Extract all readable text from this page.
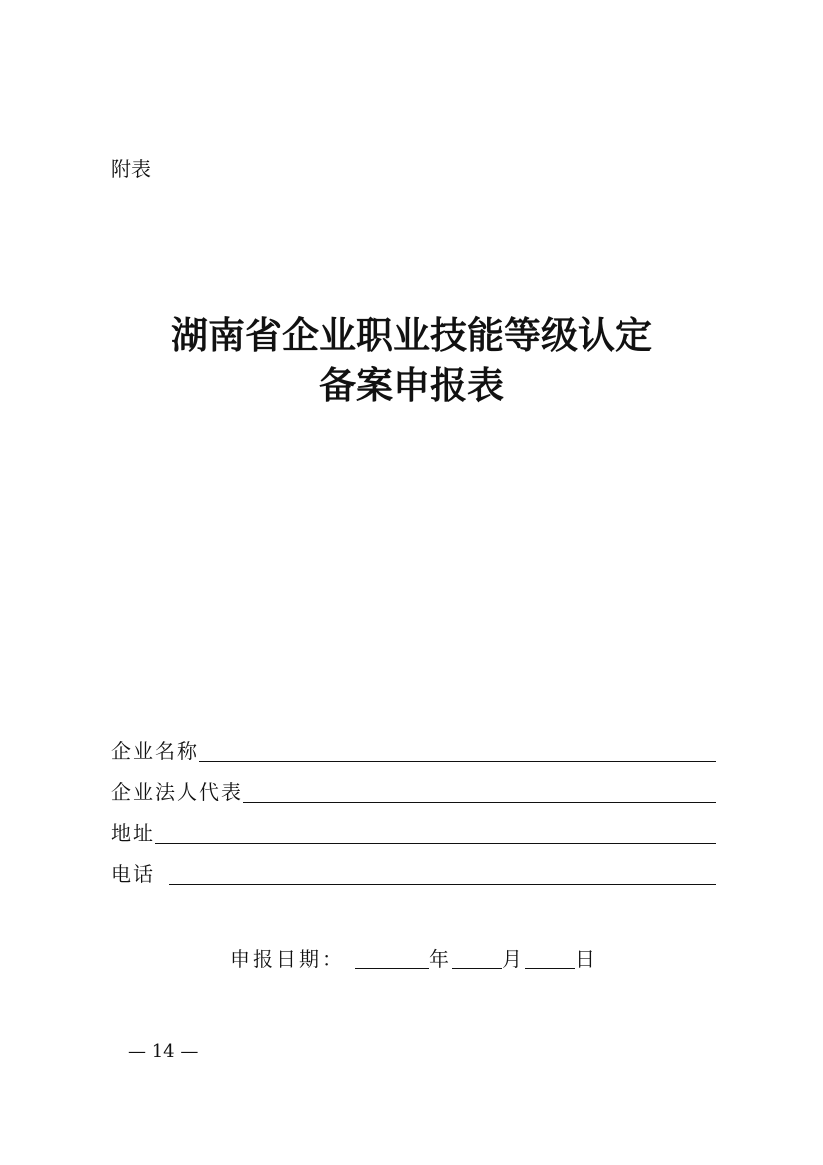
附表
湖南省企业职业技能等级认定
备案申报表
企业名称
企业法人代表
地址
电话
申报日期：	年	月	日
— 14 —
